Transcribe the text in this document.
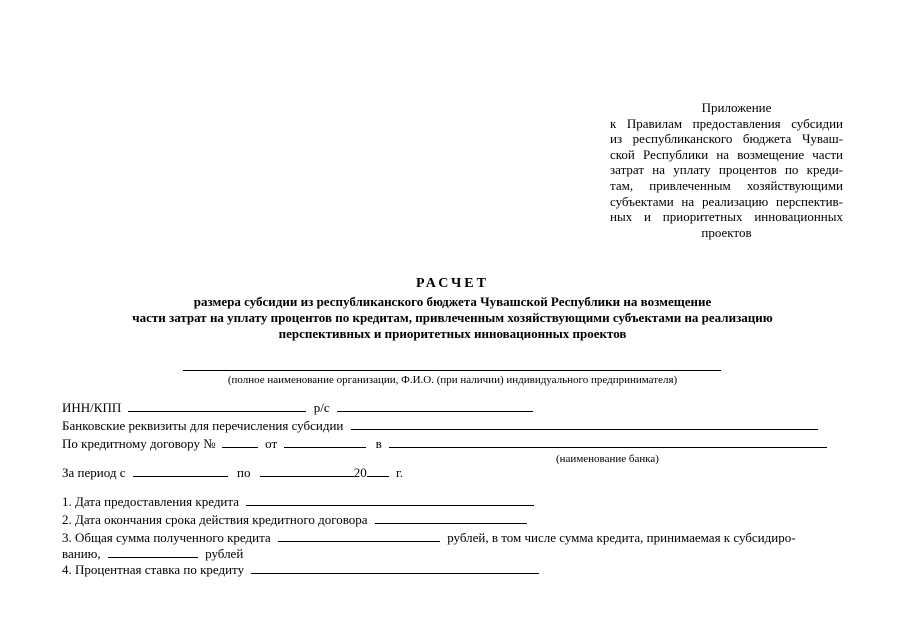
Приложение
к Правилам предоставления субсидии
из республиканского бюджета Чуваш-
ской Республики на возмещение части
затрат на уплату процентов по креди-
там, привлеченным хозяйствующими
субъектами на реализацию перспектив-
ных и приоритетных инновационных
проектов
РАСЧЕТ
размера субсидии из республиканского бюджета Чувашской Республики на возмещение
части затрат на уплату процентов по кредитам, привлеченным хозяйствующими субъектами на реализацию
перспективных и приоритетных инновационных проектов
(полное наименование организации, Ф.И.О. (при наличии) индивидуального предпринимателя)
ИНН/КПП	р/с
Банковские реквизиты для перечисления субсидии
По кредитному договору №	от	в
(наименование банка)
За период с	по	20 г.
1. Дата предоставления кредита
2. Дата окончания срока действия кредитного договора
3. Общая сумма полученного кредита	рублей, в том числе сумма кредита, принимаемая к субсидиро-
ванию,	рублей
4. Процентная ставка по кредиту
